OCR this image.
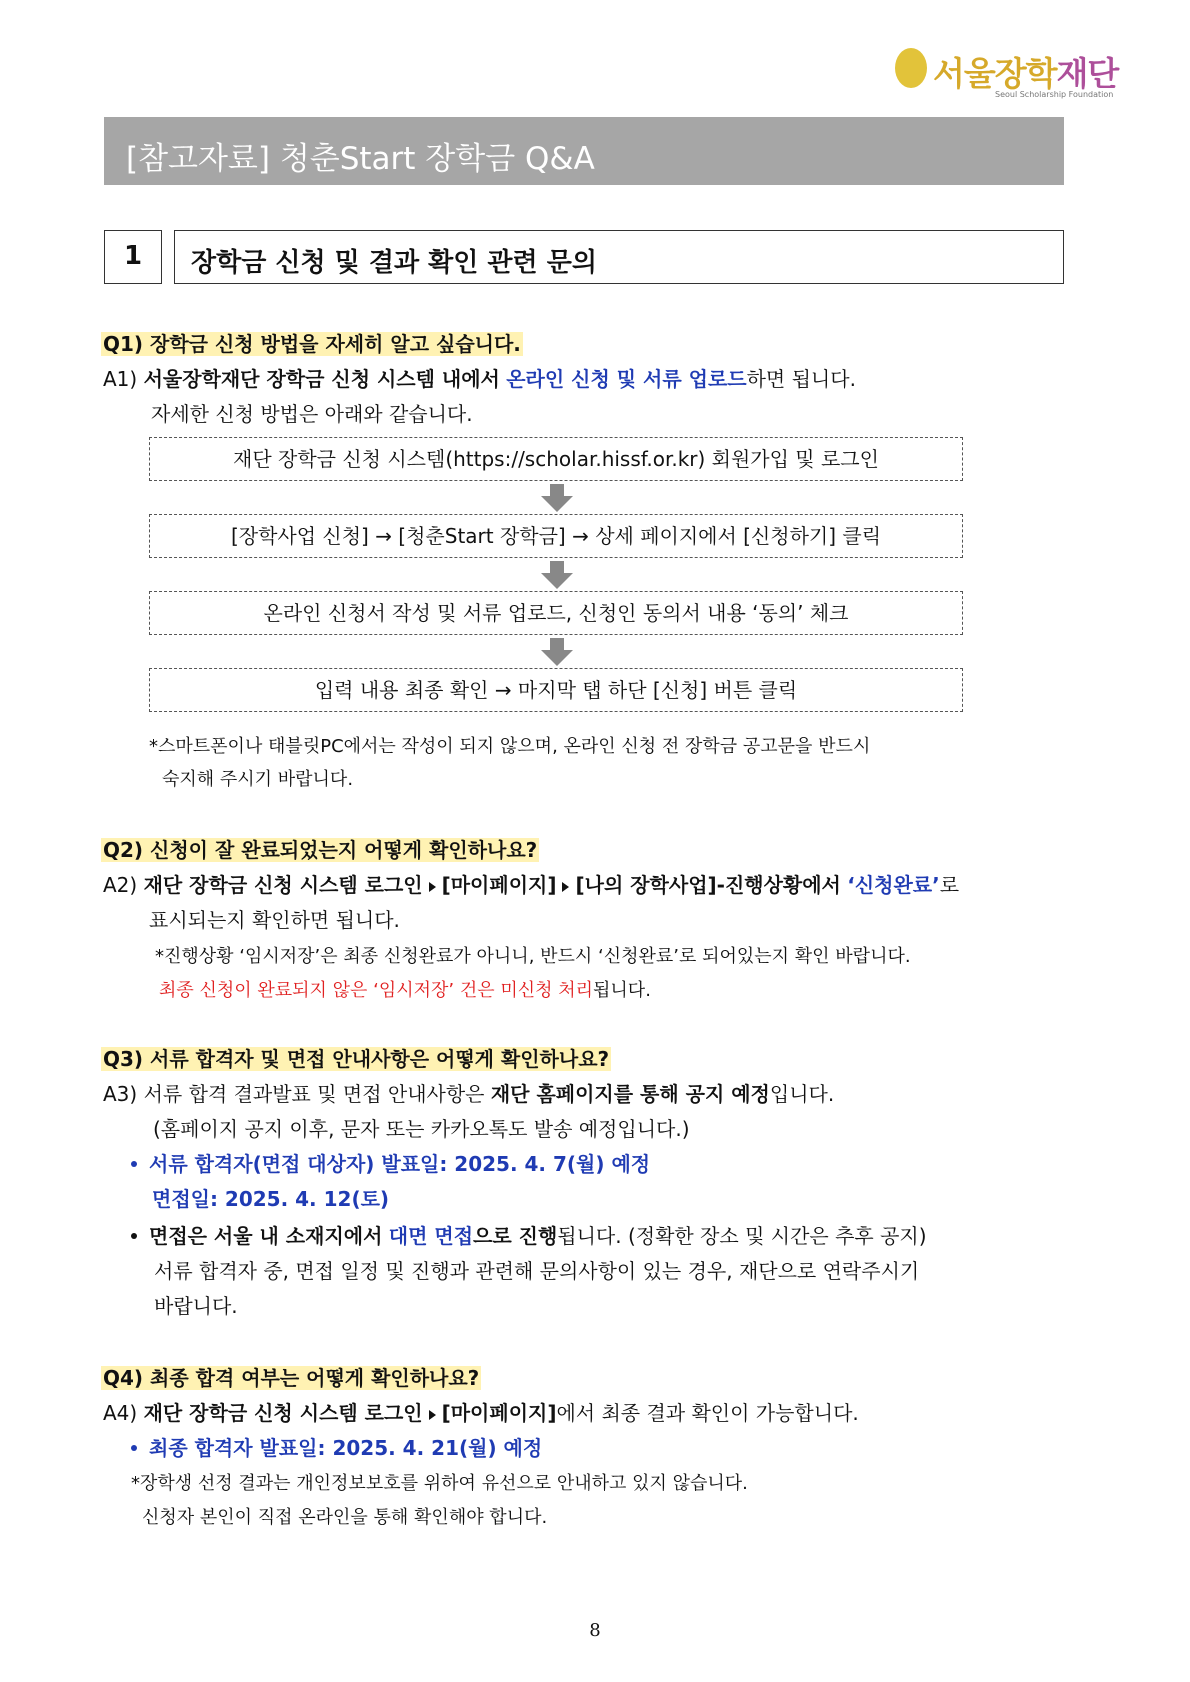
서울장학재단
Seoul Scholarship Foundation
[참고자료] 청춘Start 장학금 Q&A
1	장학금 신청 및 결과 확인 관련 문의
Q1) 장학금 신청 방법을 자세히 알고 싶습니다.
A1) 서울장학재단 장학금 신청 시스템 내에서 온라인 신청 및 서류 업로드하면 됩니다.
자세한 신청 방법은 아래와 같습니다.
재단 장학금 신청 시스템(https://scholar.hissf.or.kr) 회원가입 및 로그인
[장학사업 신청] → [청춘Start 장학금] → 상세 페이지에서 [신청하기] 클릭
온라인 신청서 작성 및 서류 업로드, 신청인 동의서 내용 ‘동의’ 체크
입력 내용 최종 확인 → 마지막 탭 하단 [신청] 버튼 클릭
*스마트폰이나 태블릿PC에서는 작성이 되지 않으며, 온라인 신청 전 장학금 공고문을 반드시
숙지해 주시기 바랍니다.
Q2) 신청이 잘 완료되었는지 어떻게 확인하나요?
A2) 재단 장학금 신청 시스템 로그인 [마이페이지] [나의 장학사업]-진행상황에서 ‘신청완료’로
표시되는지 확인하면 됩니다.
*진행상황 ‘임시저장’은 최종 신청완료가 아니니, 반드시 ‘신청완료’로 되어있는지 확인 바랍니다.
최종 신청이 완료되지 않은 ‘임시저장’ 건은 미신청 처리됩니다.
Q3) 서류 합격자 및 면접 안내사항은 어떻게 확인하나요?
A3) 서류 합격 결과발표 및 면접 안내사항은 재단 홈페이지를 통해 공지 예정입니다.
(홈페이지 공지 이후, 문자 또는 카카오톡도 발송 예정입니다.)
서류 합격자(면접 대상자) 발표일: 2025. 4. 7(월) 예정
면접일: 2025. 4. 12(토)
면접은 서울 내 소재지에서 대면 면접으로 진행됩니다. (정확한 장소 및 시간은 추후 공지)
서류 합격자 중, 면접 일정 및 진행과 관련해 문의사항이 있는 경우, 재단으로 연락주시기
바랍니다.
Q4) 최종 합격 여부는 어떻게 확인하나요?
A4) 재단 장학금 신청 시스템 로그인 [마이페이지]에서 최종 결과 확인이 가능합니다.
최종 합격자 발표일: 2025. 4. 21(월) 예정
*장학생 선정 결과는 개인정보보호를 위하여 유선으로 안내하고 있지 않습니다.
신청자 본인이 직접 온라인을 통해 확인해야 합니다.
8
